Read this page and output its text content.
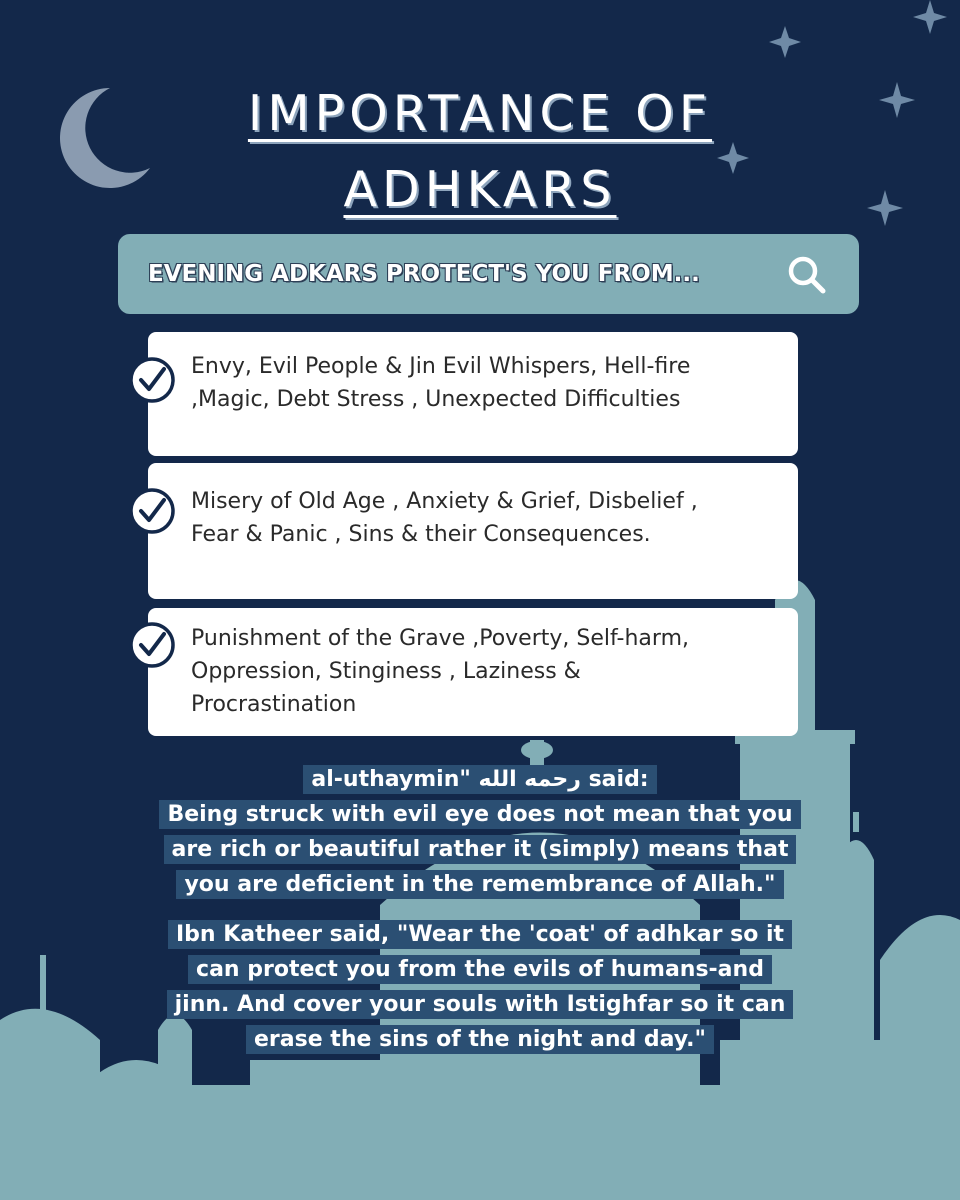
IMPORTANCE OF
ADHKARS
EVENING ADKARS PROTECT'S YOU FROM...

Envy, Evil People & Jin Evil Whispers, Hell-fire ,Magic, Debt Stress , Unexpected Difficulties

Misery of Old Age , Anxiety & Grief, Disbelief , Fear & Panic , Sins & their Consequences.

Punishment of the Grave ,Poverty, Self-harm, Oppression, Stinginess , Laziness & Procrastination

al-uthaymin" رحمه الله said:
Being struck with evil eye does not mean that you
are rich or beautiful rather it (simply) means that
you are deficient in the remembrance of Allah."
Ibn Katheer said, "Wear the 'coat' of adhkar so it
can protect you from the evils of humans-and
jinn. And cover your souls with Istighfar so it can
erase the sins of the night and day."
